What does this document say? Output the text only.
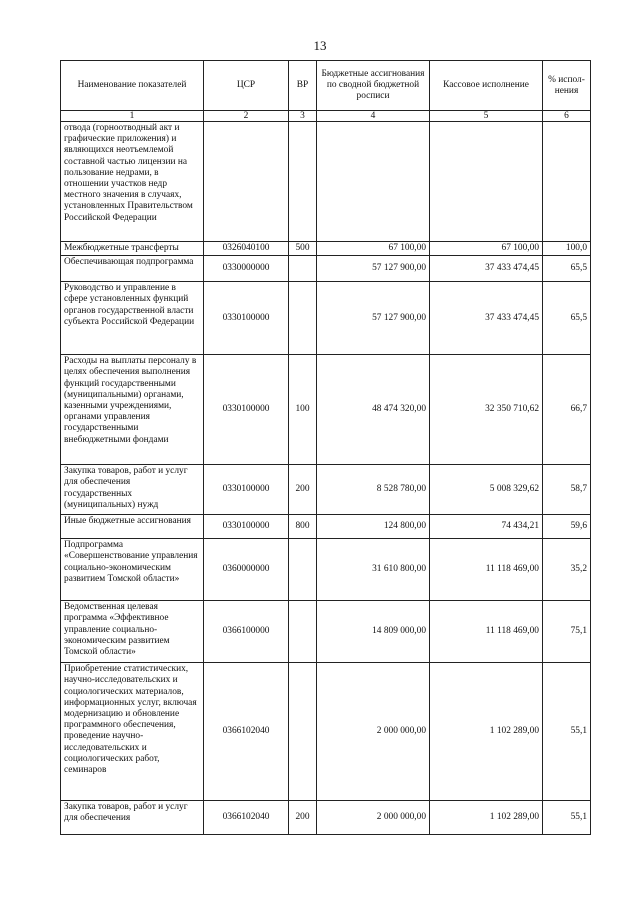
13
Наименование показателей	ЦСР	ВР	Бюджетные ассигнования по сводной бюджетной росписи	Кассовое исполнение	% испол-нения
1	2	3	4	5	6
отвода (горноотводный акт и графические приложения) и являющихся неотъемлемой составной частью лицензии на пользование недрами, в отношении участков недр местного значения в случаях, установленных Правительством Российской Федерации					
Межбюджетные трансферты	0326040100	500	67 100,00	67 100,00	100,0
Обеспечивающая подпрограмма	0330000000		57 127 900,00	37 433 474,45	65,5
Руководство и управление в сфере установленных функций органов государственной власти субъекта Российской Федерации	0330100000		57 127 900,00	37 433 474,45	65,5
Расходы на выплаты персоналу в целях обеспечения выполнения функций государственными (муниципальными) органами, казенными учреждениями, органами управления государственными внебюджетными фондами	0330100000	100	48 474 320,00	32 350 710,62	66,7
Закупка товаров, работ и услуг для обеспечения государственных (муниципальных) нужд	0330100000	200	8 528 780,00	5 008 329,62	58,7
Иные бюджетные ассигнования	0330100000	800	124 800,00	74 434,21	59,6
Подпрограмма «Совершенствование управления социально-экономическим развитием Томской области»	0360000000		31 610 800,00	11 118 469,00	35,2
Ведомственная целевая программа «Эффективное управление социально-экономическим развитием Томской области»	0366100000		14 809 000,00	11 118 469,00	75,1
Приобретение статистических, научно-исследовательских и социологических материалов, информационных услуг, включая модернизацию и обновление программного обеспечения, проведение научно-исследовательских и социологических работ, семинаров	0366102040		2 000 000,00	1 102 289,00	55,1
Закупка товаров, работ и услуг для обеспечения	0366102040	200	2 000 000,00	1 102 289,00	55,1
